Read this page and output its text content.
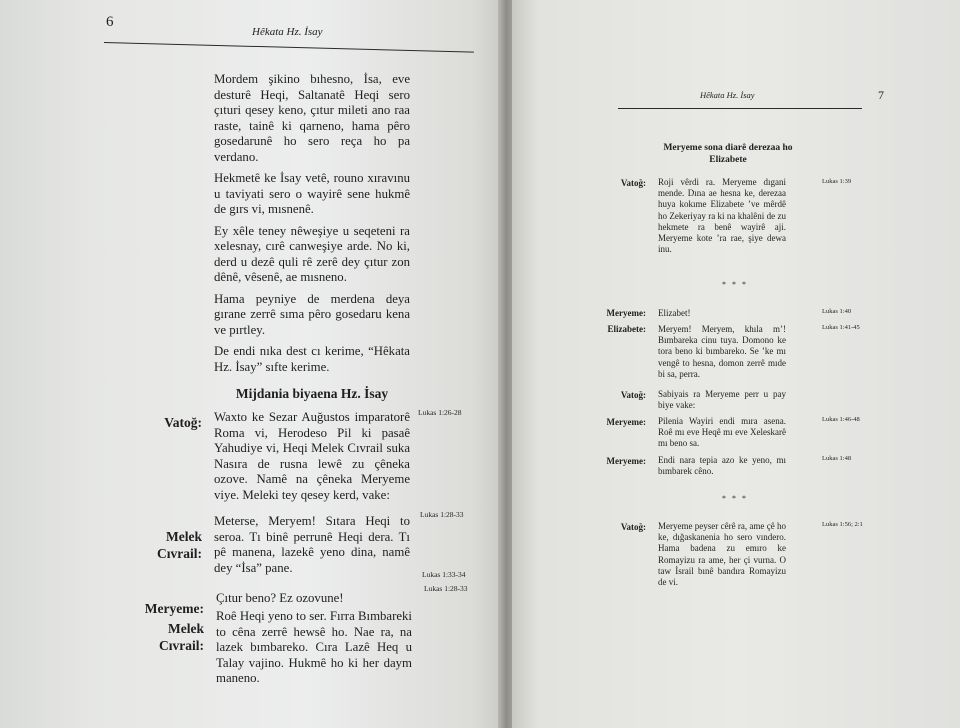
6
Hêkata Hz. İsay

Mordem şikino bıhesno, İsa, eve desturê Heqi, Saltanatê Heqi sero çıturi qesey keno, çıtur mileti ano raa raste, tainê ki qarneno, hama pêro gosedarunê ho sero reça ho pa verdano.

Hekmetê ke İsay vetê, rouno xıravınu u taviyati sero o wayirê sene hukmê de gırs vi, mısnenê.

Ey xêle teney nêweşiye u seqeteni ra xelesnay, cırê canweşiye arde. No ki, derd u dezê quli rê zerê dey çıtur zon dênê, vêsenê, ae mısneno.

Hama peyniye de merdena deya gırane zerrê sıma pêro gosedaru kena ve pırtley.

De endi nıka dest cı kerime, “Hêkata Hz. İsay” sıfte kerime.

Mijdania biyaena Hz. İsay
Vatoğ: Waxto ke Sezar Auğustos imparatorê Roma vi, Herodeso Pil ki pasaê Yahudiye vi, Heqi Melek Cıvrail suka Nasıra de rusna lewê zu çêneka ozove. Namê na çêneka Meryeme viye. Meleki tey qesey kerd, vake:
Lukas 1:26-28
Melek
Cıvrail:
Meterse, Meryem! Sıtara Heqi to seroa. Tı binê perrunê Heqi dera. Tı pê manena, lazekê yeno dina, namê dey “İsa” pane.
Lukas 1:28-33
Meryeme:
Çıtur beno? Ez ozovune!
Lukas 1:33-34
Melek
Cıvrail:
Roê Heqi yeno to ser. Fırra Bımbareki to cêna zerrê hewsê ho. Nae ra, na lazek bımbareko. Cıra Lazê Heq u Talay vajino. Hukmê ho ki her daym maneno.
Lukas 1:28-33
Hêkata Hz. İsay	7
Meryeme sona diarê derezaa ho Elizabete
Vatoğ: Roji vêrdi ra. Meryeme dıgani mende. Dına ae hesna ke, derezaa huya kokıme Elizabete ’ve mêrdê ho Zekeriyay ra ki na khalêni de zu hekmete ra benê wayirê aji. Meryeme kote ’ra rae, şiye dewa inu.
Lukas 1:39
* * *
Meryeme: Elizabet!	Lukas 1:40
Elizabete: Meryem! Meryem, khıla m’! Bımbareka cinu tuya. Domono ke tora beno ki bımbareko. Se ’ke mı vengê to hesna, domon zerrê mıde bi sa, perra.
Lukas 1:41-45
Vatoğ: Sabiyais ra Meryeme perr u pay biye vake:
Meryeme: Pilenia Wayiri endi mıra asena. Roê mı eve Heqê mı eve Xeleskarê mı beno sa.
Lukas 1:46-48
Meryeme: Endi nara tepia azo ke yeno, mı bımbarek cêno.
Lukas 1:48
* * *
Vatoğ: Meryeme peyser cêrê ra, ame çê ho ke, dığaskanenia ho sero vındero. Hama badena zu emıro ke Romayizu ra ame, her çi vurna. O taw İsrail bınê bandıra Romayizu de vi.
Lukas 1:56; 2:1
